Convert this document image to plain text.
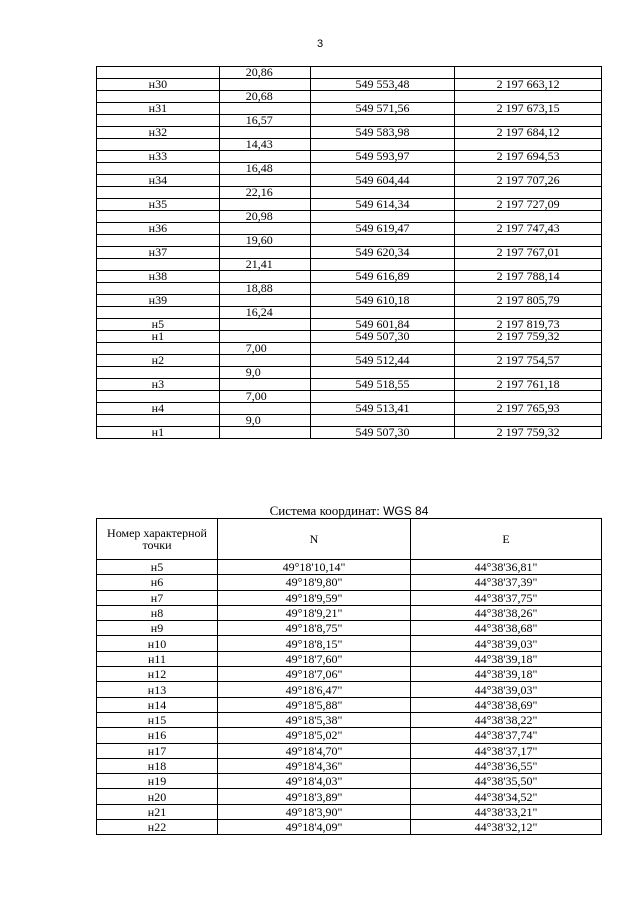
3
	20,86		
н30		549 553,48	2 197 663,12
	20,68		
н31		549 571,56	2 197 673,15
	16,57		
н32		549 583,98	2 197 684,12
	14,43		
н33		549 593,97	2 197 694,53
	16,48		
н34		549 604,44	2 197 707,26
	22,16		
н35		549 614,34	2 197 727,09
	20,98		
н36		549 619,47	2 197 747,43
	19,60		
н37		549 620,34	2 197 767,01
	21,41		
н38		549 616,89	2 197 788,14
	18,88		
н39		549 610,18	2 197 805,79
	16,24		
н5		549 601,84	2 197 819,73
н1		549 507,30	2 197 759,32
	7,00		
н2		549 512,44	2 197 754,57
	9,0		
н3		549 518,55	2 197 761,18
	7,00		
н4		549 513,41	2 197 765,93
	9,0		
н1		549 507,30	2 197 759,32
Система координат: WGS 84
Номер характерной точки	N	E
н5	49°18'10,14"	44°38'36,81"
н6	49°18'9,80"	44°38'37,39"
н7	49°18'9,59"	44°38'37,75"
н8	49°18'9,21"	44°38'38,26"
н9	49°18'8,75"	44°38'38,68"
н10	49°18'8,15"	44°38'39,03"
н11	49°18'7,60"	44°38'39,18"
н12	49°18'7,06"	44°38'39,18"
н13	49°18'6,47"	44°38'39,03"
н14	49°18'5,88"	44°38'38,69"
н15	49°18'5,38"	44°38'38,22"
н16	49°18'5,02"	44°38'37,74"
н17	49°18'4,70"	44°38'37,17"
н18	49°18'4,36"	44°38'36,55"
н19	49°18'4,03"	44°38'35,50"
н20	49°18'3,89"	44°38'34,52"
н21	49°18'3,90"	44°38'33,21"
н22	49°18'4,09"	44°38'32,12"
